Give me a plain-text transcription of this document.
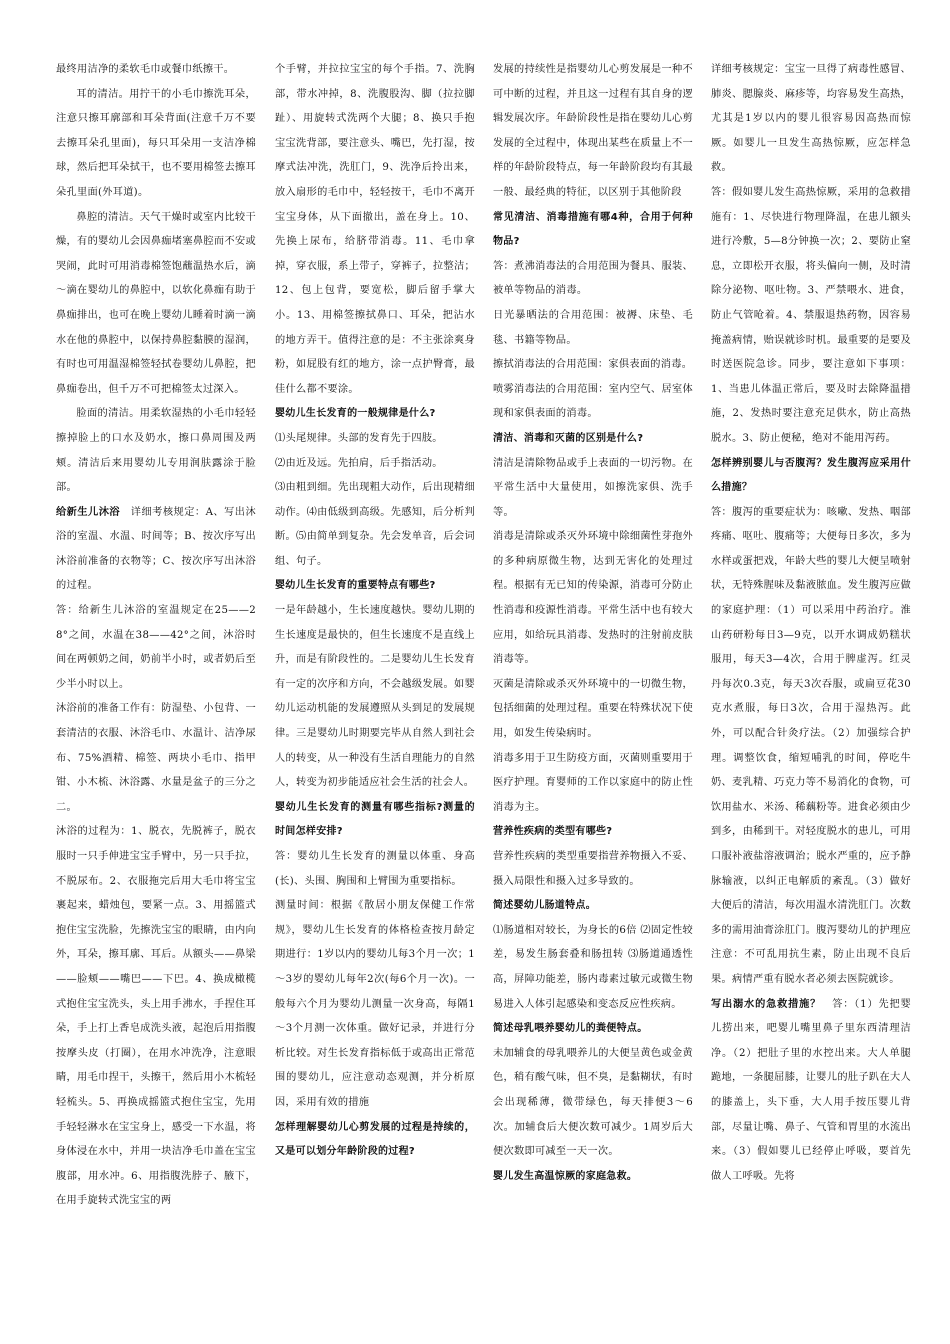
最终用洁净的柔软毛巾或餐巾纸擦干。

耳的清洁。用拧干的小毛巾擦洗耳朵，注意只擦耳廓部和耳朵背面(注意千万不要去擦耳朵孔里面)，每只耳朵用一支洁净棉球，然后把耳朵拭干，也不要用棉签去擦耳朵孔里面(外耳道)。

鼻腔的清洁。天气干燥时或室内比较干燥，有的婴幼儿会因鼻痂堵塞鼻腔而不安或哭闹，此时可用消毒棉签饱蘸温热水后，滴～滴在婴幼儿的鼻腔中，以软化鼻痂有助于鼻痂排出，也可在晚上婴幼儿睡着时滴一滴水在他的鼻腔中，以保持鼻腔黏膜的湿润，有时也可用温湿棉签轻拭卷婴幼儿鼻腔，把鼻痂卷出，但千万不可把棉签太过深入。

脸面的清洁。用柔软湿热的小毛巾轻轻擦掉脸上的口水及奶水，擦口鼻周围及两颊。清洁后来用婴幼儿专用润肤露涂于脸部。

给新生儿沐浴　 详细考核规定：A、写出沐浴的室温、水温、时间等；B、按次序写出沐浴前准备的衣物等；C、按次序写出沐浴的过程。

答：给新生儿沐浴的室温规定在25——28°之间，水温在38——42°之间，沐浴时间在两顿奶之间，奶前半小时，或者奶后至少半小时以上。

沐浴前的准备工作有：防湿垫、小包背、一套清洁的衣服、沐浴毛巾、水温计、洁净尿布、75%酒精、棉签、两块小毛巾、指甲钳、小木梳、沐浴露、水量是盆子的三分之二。

沐浴的过程为：1、脱衣，先脱裤子，脱衣服时一只手伸进宝宝手臂中，另一只手拉，不脱尿布。2、衣服拖完后用大毛巾将宝宝裹起来，蜡烛包，要紧一点。3、用摇篮式抱住宝宝洗脸，先擦洗宝宝的眼睛，由内向外，耳朵，擦耳廓、耳后。从额头——鼻梁——脸颊——嘴巴——下巴。4、换成橄榄式抱住宝宝洗头，头上用手沸水，手捏住耳朵，手上打上香皂成洗头液，起泡后用指腹按摩头皮（打圈），在用水冲洗净，注意眼睛，用毛巾捏干，头擦干，然后用小木梳轻轻梳头。5、再换成摇篮式抱住宝宝，先用手轻轻淋水在宝宝身上，感受一下水温，将身体浸在水中，并用一块洁净毛巾盖在宝宝腹部，用水冲。6、用指腹洗脖子、腋下，在用手旋转式洗宝宝的两

个手臂，并拉拉宝宝的每个手指。7、洗胸部，带水冲掉，8、洗腹股沟、脚（拉拉脚趾）、用旋转式洗两个大腿；8、换只手抱宝宝洗背部，要注意头、嘴巴，先打湿，按摩式法冲洗，洗肛门，9、洗净后拎出来，放入扇形的毛巾中，轻轻按干，毛巾不离开宝宝身体，从下面撤出，盖在身上。10、先换上尿布，给脐带消毒。11、毛巾拿掉，穿衣服，系上带子，穿裤子，拉整洁；12、包上包背，要宽松，脚后留手掌大小。13、用棉签擦拭鼻口、耳朵，把沾水的地方弄干。值得注意的是：不主张涂爽身粉，如屁股有红的地方，涂一点护臀膏，最佳什么都不要涂。

婴幼儿生长发育的一般规律是什么?

⑴头尾规律。头部的发育先于四肢。

⑵由近及远。先拍肩，后手指活动。

⑶由粗到细。先出现粗大动作，后出现精细动作。⑷由低级到高级。先感知，后分析判断。⑸由简单到复杂。先会发单音，后会词组、句子。

婴幼儿生长发育的重要特点有哪些?

一是年龄越小，生长速度越快。婴幼儿期的生长速度是最快的，但生长速度不是直线上升，而是有阶段性的。二是婴幼儿生长发育有一定的次序和方向，不会越级发展。如婴幼儿运动机能的发展遵照从头到足的发展规律。三是婴幼儿时期要完毕从自然人到社会人的转变，从一种没有生活自理能力的自然人，转变为初步能适应社会生活的社会人。

婴幼儿生长发育的测量有哪些指标?测量的时间怎样安排?

答：婴幼儿生长发育的测量以体重、身高(长)、头围、胸围和上臂围为重要指标。

测量时间：根据《散居小朋友保健工作常规》，婴幼儿生长发育的体格检查按月龄定期进行：1岁以内的婴幼儿每3个月一次；1～3岁的婴幼儿每年2次(每6个月一次)。一般每六个月为婴幼儿测量一次身高，每隔1～3个月测一次体重。做好记录，并进行分析比较。对生长发育指标低于或高出正常范围的婴幼儿，应注意动态观测，并分析原因，采用有效的措施

怎样理解婴幼儿心剪发展的过程是持续的，又是可以划分年龄阶段的过程?

发展的持续性是指婴幼儿心剪发展是一种不可中断的过程，并且这一过程有其自身的逻辑发展次序。年龄阶段性是指在婴幼儿心剪发展的全过程中，体现出某些在质量上不一样的年龄阶段特点，每一年龄阶段均有其最一般、最经典的特征，以区别于其他阶段

常见清洁、消毒措施有哪4种，合用于何种物品?

答：煮沸消毒法的合用范围为餐具、服装、被单等物品的消毒。

日光暴晒法的合用范围：被褥、床垫、毛毯、书籍等物品。

擦拭消毒法的合用范围：家俱表面的消毒。

喷雾消毒法的合用范围：室内空气、居室体现和家俱表面的消毒。

清洁、消毒和灭菌的区别是什么?

清洁是清除物品或手上表面的一切污物。在平常生活中大量使用，如擦洗家俱、洗手等。

消毒是清除或杀灭外环境中除细菌性芽孢外的多种病原微生物，达到无害化的处理过程。根据有无已知的传染源，消毒可分防止性消毒和疫源性消毒。平常生活中也有较大应用，如给玩具消毒、发热时的注射前皮肤消毒等。

灭菌是清除或杀灭外环境中的一切微生物，包括细菌的处理过程。重要在特殊状况下使用，如发生传染病时。

消毒多用于卫生防疫方面，灭菌则重要用于医疗护理。育婴师的工作以家庭中的防止性消毒为主。

营养性疾病的类型有哪些?

营养性疾病的类型重要指营养物摄入不妥、摄入局限性和摄入过多导致的。

简述婴幼儿肠道特点。

⑴肠道相对较长，为身长的6倍 ⑵固定性较差，易发生肠套叠和肠扭转 ⑶肠道通透性高，屏障功能差，肠内毒素过敏元或微生物易进入人体引起感染和变态反应性疾病。

简述母乳喂养婴幼儿的粪便特点。

未加辅食的母乳喂养儿的大便呈黄色或金黄色，稍有酸气味，但不臭，是黏糊状，有时会出现稀薄，微带绿色，每天排便3～6次。加辅食后大便次数可减少。1周岁后大便次数即可减至一天一次。

婴儿发生高温惊厥的家庭急救。

详细考核规定：宝宝一旦得了病毒性感冒、肺炎、腮腺炎、麻疹等，均容易发生高热，尤其是1岁以内的婴儿很容易因高热而惊厥。如婴儿一旦发生高热惊厥，应怎样急救。

答：假如婴儿发生高热惊厥，采用的急救措施有：1、尽快进行物理降温，在患儿额头进行冷敷，5—8分钟换一次；2、要防止窒息，立即松开衣服，将头偏向一侧，及时清除分泌物、呕吐物。3、严禁喂水、进食，防止气管呛着。4、禁服退热药物，因容易掩盖病情，贻误就诊时机。最重要的是要及时送医院急诊。同步，要注意如下事项：1、当患儿体温正常后，要及时去除降温措施，2、发热时要注意充足供水，防止高热脱水。3、防止便秘，绝对不能用泻药。

怎样辨别婴儿与否腹泻？发生腹泻应采用什么措施？

答：腹泻的重要症状为：咳嗽、发热、咽部疼痛、呕吐、腹痛等；大便每日多次，多为水样或蛋把戏，年龄大些的婴儿大便呈喷射状，无特殊腥味及黏液脓血。发生腹泻应做的家庭护理：（1）可以采用中药治疗。淮山药研粉每日3—9克，以开水调成奶糕状服用，每天3—4次，合用于脾虚泻。红灵丹每次0.3克，每天3次吞服，或扁豆花30克水煮服，每日3次，合用于湿热泻。此外，可以配合针灸疗法。（2）加强综合护理。调整饮食，缩短哺乳的时间，停吃牛奶、麦乳精、巧克力等不易消化的食物，可饮用盐水、米汤、稀藕粉等。进食必须由少到多，由稀到干。对轻度脱水的患儿，可用口服补液盐溶液调治；脱水严重的，应予静脉输液，以纠正电解质的紊乱。（3）做好大便后的清洁，每次用温水清洗肛门。次数多的需用油膏涂肛门。腹泻婴幼儿的护理应注意：不可乱用抗生素，防止出现不良后果。病情严重有脱水者必须去医院就诊。

写出溺水的急救措施？　 答：（1）先把婴儿捞出来，吧婴儿嘴里鼻子里东西清理洁净。（2）把肚子里的水控出来。大人单腿跪地，一条腿屈膝，让婴儿的肚子趴在大人的膝盖上，头下垂，大人用手按压婴儿背部，尽量让嘴、鼻子、气管和胃里的水流出来。（3）假如婴儿已经停止呼吸，要首先做人工呼吸。先将
